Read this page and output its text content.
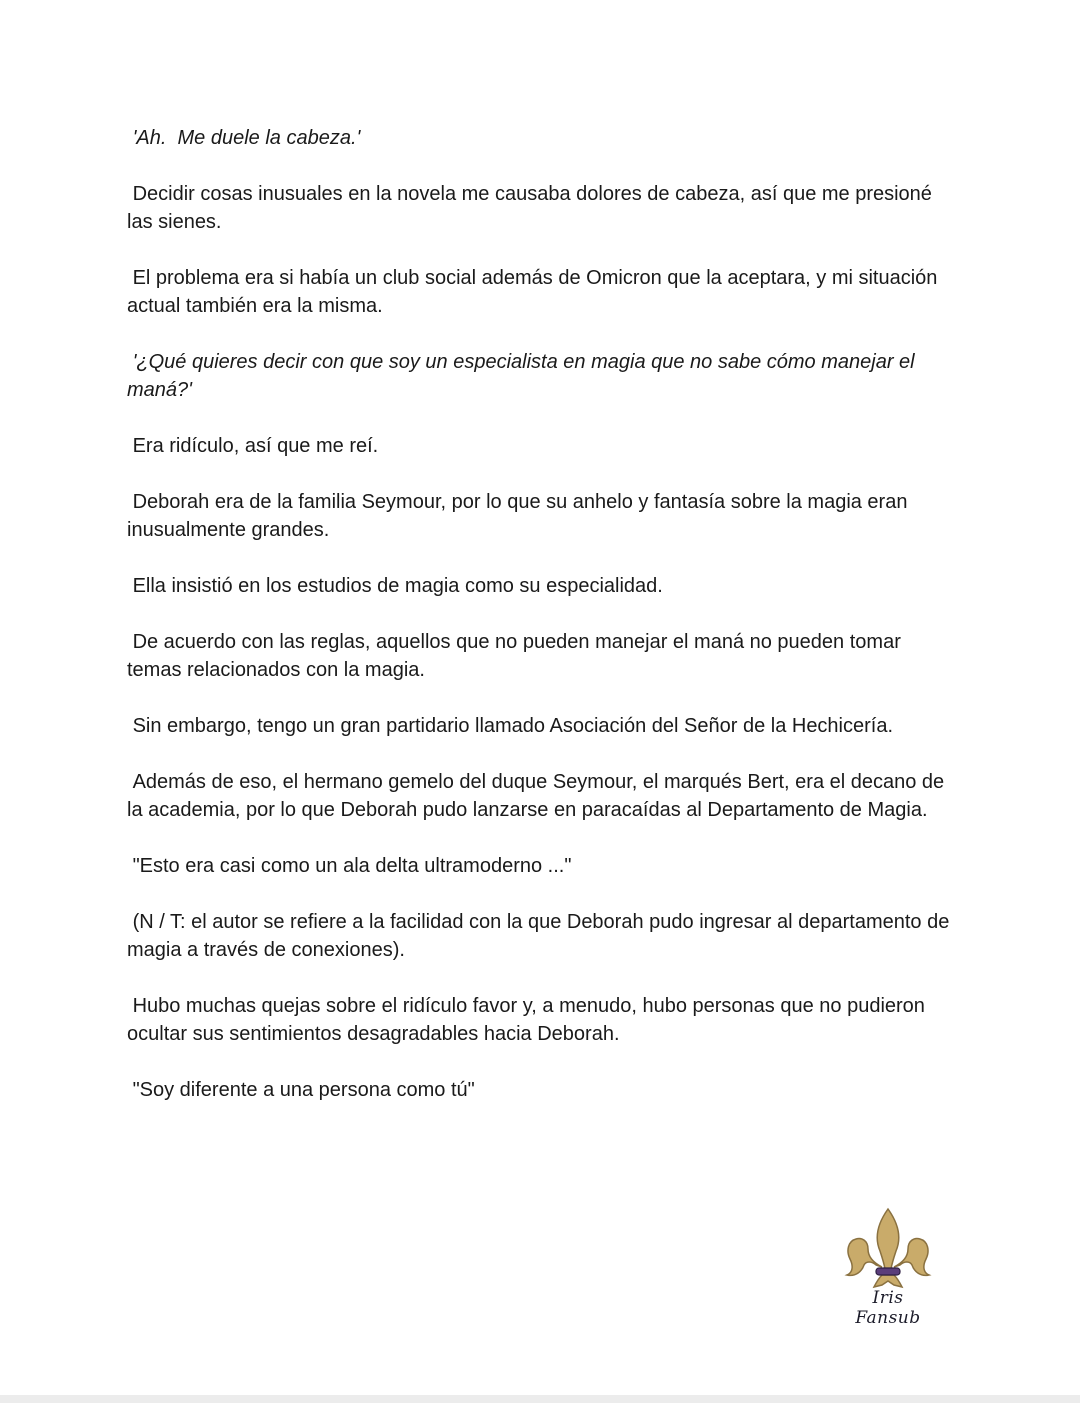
'Ah.  Me duele la cabeza.'

Decidir cosas inusuales en la novela me causaba dolores de cabeza, así que me presioné las sienes.

El problema era si había un club social además de Omicron que la aceptara, y mi situación actual también era la misma.

'¿Qué quieres decir con que soy un especialista en magia que no sabe cómo manejar el maná?'

Era ridículo, así que me reí.

Deborah era de la familia Seymour, por lo que su anhelo y fantasía sobre la magia eran inusualmente grandes.

Ella insistió en los estudios de magia como su especialidad.

De acuerdo con las reglas, aquellos que no pueden manejar el maná no pueden tomar temas relacionados con la magia.

Sin embargo, tengo un gran partidario llamado Asociación del Señor de la Hechicería.

Además de eso, el hermano gemelo del duque Seymour, el marqués Bert, era el decano de la academia, por lo que Deborah pudo lanzarse en paracaídas al Departamento de Magia.

"Esto era casi como un ala delta ultramoderno ..."

(N / T: el autor se refiere a la facilidad con la que Deborah pudo ingresar al departamento de magia a través de conexiones).

Hubo muchas quejas sobre el ridículo favor y, a menudo, hubo personas que no pudieron ocultar sus sentimientos desagradables hacia Deborah.

"Soy diferente a una persona como tú"

Iris Fansub
